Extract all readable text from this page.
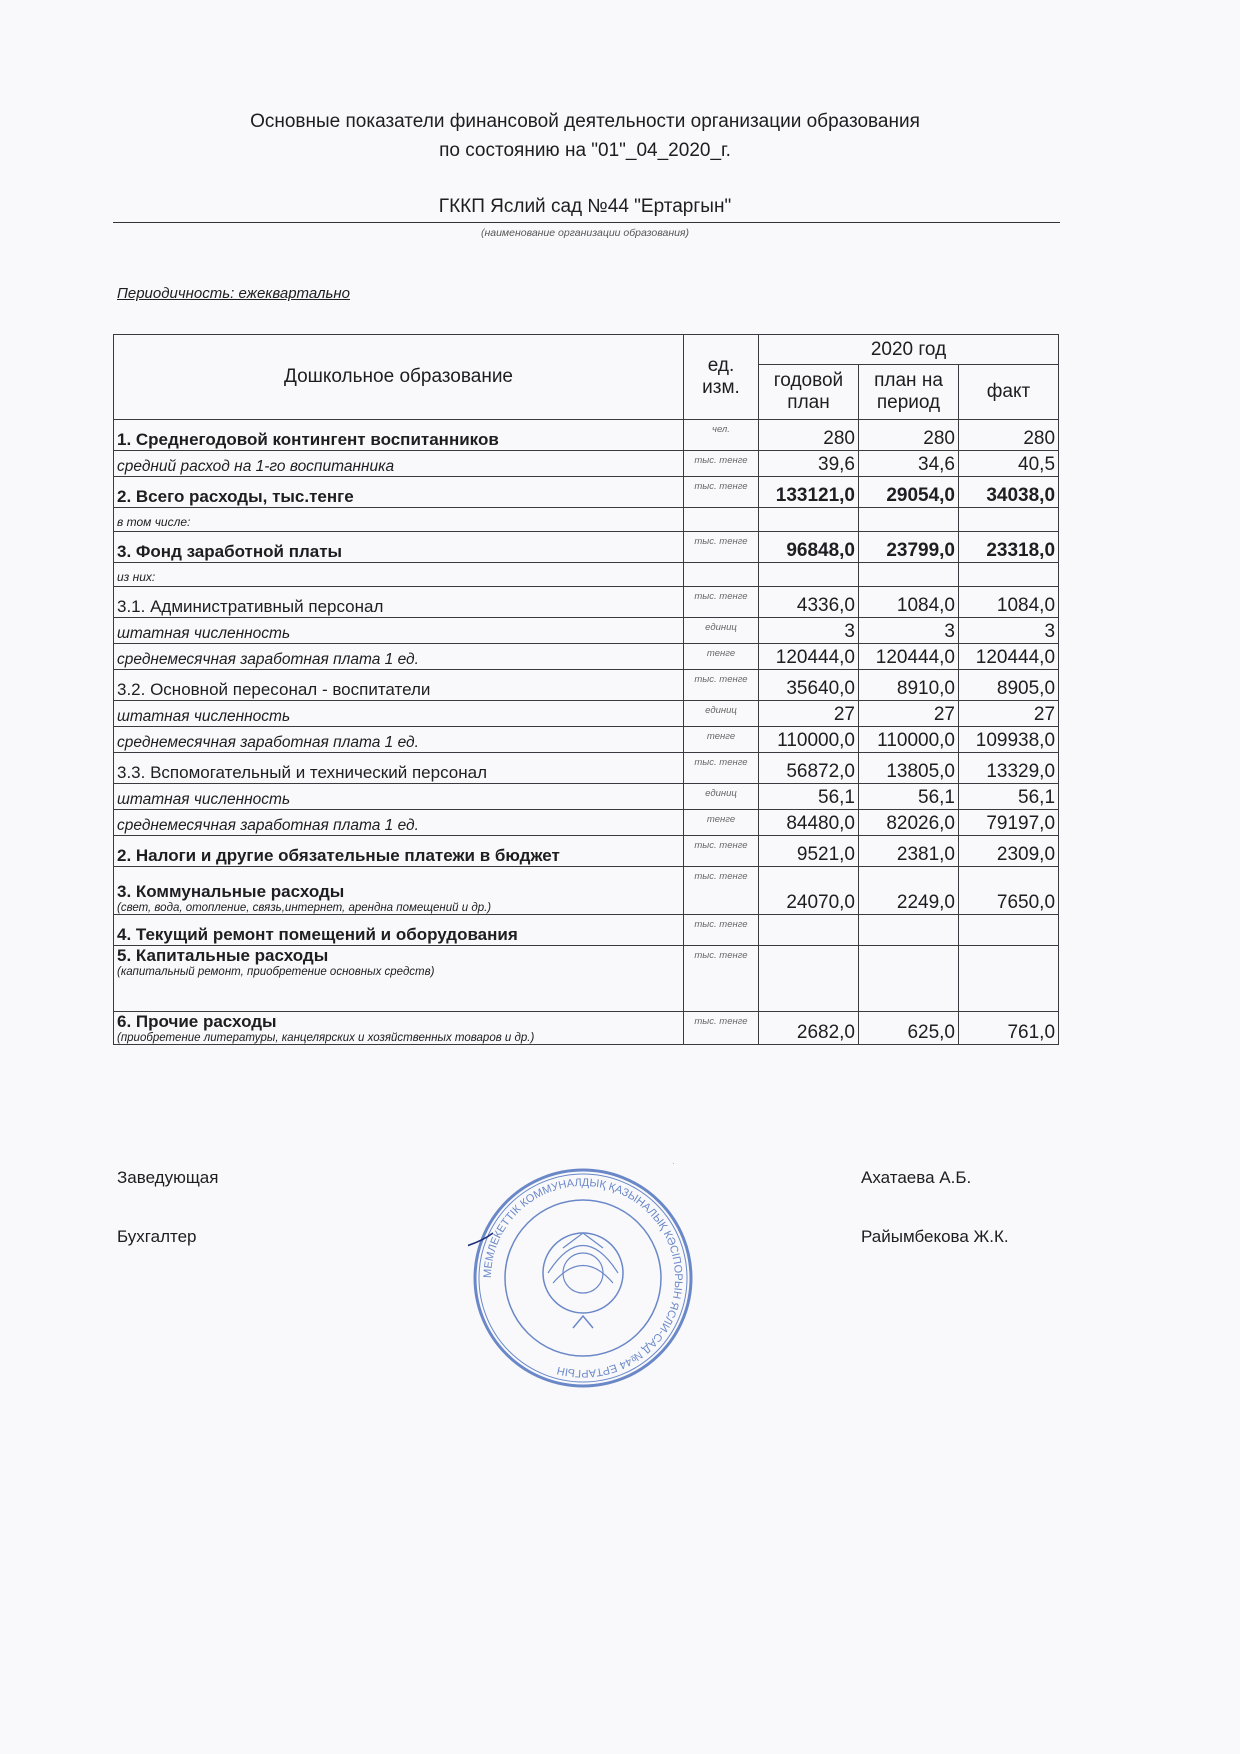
Основные показатели финансовой деятельности организации образования
по состоянию на "01"_04_2020_г.
ГККП Яслий сад №44 "Ертаргын"
(наименование организации образования)
Периодичность: ежеквартально
Дошкольное образование	ед. изм.	2020 год		
		годовой план	план на период	факт
1. Среднегодовой контингент воспитанников	чел.	280	280	280
средний расход на 1-го воспитанника	тыс. тенге	39,6	34,6	40,5
2. Всего расходы, тыс.тенге	тыс. тенге	133121,0	29054,0	34038,0
в том числе:				
3. Фонд заработной платы	тыс. тенге	96848,0	23799,0	23318,0
из них:				
3.1. Административный персонал	тыс. тенге	4336,0	1084,0	1084,0
штатная численность	единиц	3	3	3
среднемесячная заработная плата 1 ед.	тенге	120444,0	120444,0	120444,0
3.2. Основной пересонал - воспитатели	тыс. тенге	35640,0	8910,0	8905,0
штатная численность	единиц	27	27	27
среднемесячная заработная плата 1 ед.	тенге	110000,0	110000,0	109938,0
3.3. Вспомогательный и технический персонал	тыс. тенге	56872,0	13805,0	13329,0
штатная численность	единиц	56,1	56,1	56,1
среднемесячная заработная плата 1 ед.	тенге	84480,0	82026,0	79197,0
2. Налоги и другие обязательные платежи в бюджет	тыс. тенге	9521,0	2381,0	2309,0
3. Коммунальные расходы
(свет, вода, отопление, связь,интернет, арендна помещений и др.)	тыс. тенге	24070,0	2249,0	7650,0
4. Текущий ремонт помещений и оборудования	тыс. тенге			
5. Капитальные расходы
(капитальный ремонт, приобретение основных средств)	тыс. тенге			
6. Прочие расходы
(приобретение литературы, канцелярских и хозяйственных товаров и др.)	тыс. тенге	2682,0	625,0	761,0
Заведующая	Ахатаева А.Б.
Бухгалтер	Райымбекова Ж.К.
МЕМЛЕКЕТТІК КОММУНАЛДЫҚ ҚАЗЫНАЛЫҚ КӘСІПОРЫН ЯСЛИ-САД №44 ЕРТАРГЫН
